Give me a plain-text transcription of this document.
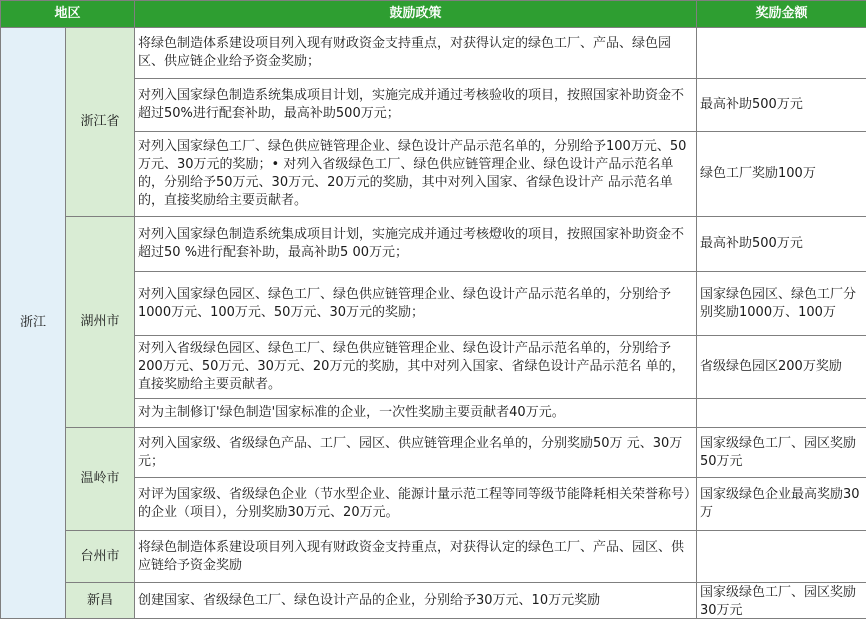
地区		鼓励政策	奖励金额
浙江	浙江省	将绿色制造体系建设项目列入现有财政资金支持重点，对获得认定的绿色工厂、产品、绿色园区、供应链企业给予资金奖励；	
		对列入国家绿色制造系统集成项目计划，实施完成并通过考核验收的项目，按照国家补助资金不超过50%进行配套补助，最高补助500万元；	最高补助500万元
		对列入国家绿色工厂、绿色供应链管理企业、绿色设计产品示范名单的，分别给予100万元、50万元、30万元的奖励；• 对列入省级绿色工厂、绿色供应链管理企业、绿色设计产品示范名单的，分别给予50万元、30万元、20万元的奖励，其中对列入国家、省绿色设计产 品示范名单的，直接奖励给主要贡献者。	绿色工厂奖励100万
	湖州市	对列入国家绿色制造系统集成项目计划，实施完成并通过考核燈收的项目，按照国家补助资金不超过50 %进行配套补助，最高补助5 00万元；	最高补助500万元
		对列入国家绿色园区、绿色工厂、绿色供应链管理企业、绿色设计产品示范名单的，分别给予1000万元、100万元、50万元、30万元的奖励；	国家绿色园区、绿色工厂分别奖励1000万、100万
		对列入省级绿色园区、绿色工厂、绿色供应链管理企业、绿色设计产品示范名单的，分别给予200万元、50万元、30万元、20万元的奖励，其中对列入国家、省绿色设计产品示范名 单的，直接奖励给主要贡献者。	省级绿色园区200万奖励
		对为主制修订'绿色制造'国家标准的企业，一次性奖励主要贡献者40万元。	
	温岭市	对列入国家级、省级绿色产品、工厂、园区、供应链管理企业名单的，分别奖励50万 元、30万元；	国家级绿色工厂、园区奖励50万元
		对评为国家级、省级绿色企业（节水型企业、能源计量示范工程等同等级节能降耗相关荣誉称号）的企业（项目），分别奖励30万元、20万元。	国家级绿色企业最高奖励30万
	台州市	将绿色制造体系建设项目列入现有财政资金支持重点，对获得认定的绿色工厂、产品、园区、供应链给予资金奖励	
	新昌	创建国家、省级绿色工厂、绿色设计产品的企业，分别给予30万元、10万元奖励	国家级绿色工厂、园区奖励30万元
